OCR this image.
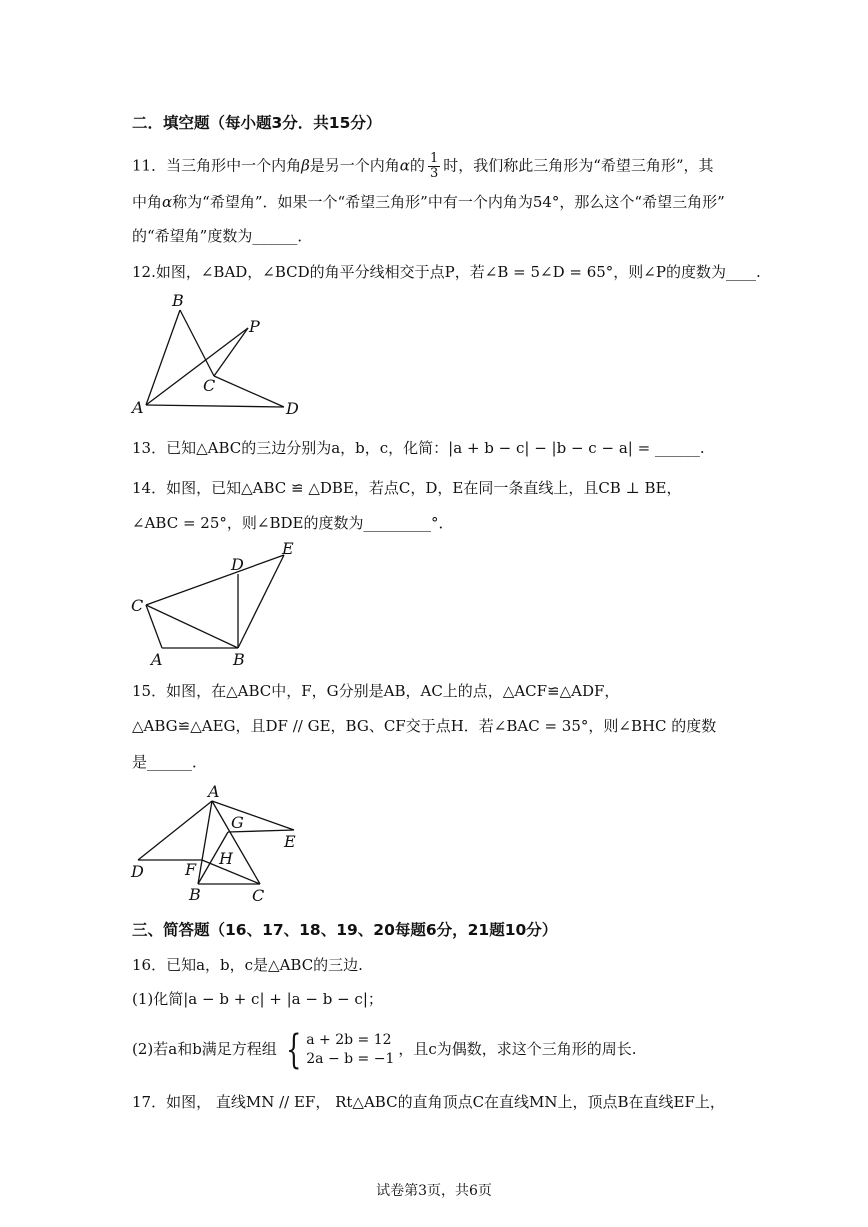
二．填空题（每小题3分．共15分）
11．当三角形中一个内角β是另一个内角α的 $\frac{1}{3}$ 时，我们称此三角形为“希望三角形”，其
中角α称为“希望角”．如果一个“希望三角形”中有一个内角为54°，那么这个“希望三角形”
的“希望角”度数为______．
12.如图，∠BAD，∠BCD的角平分线相交于点P，若∠B = 5∠D = 65°，则∠P的度数为____.
B
P
C
A	D
13．已知△ABC的三边分别为a，b，c，化简：|a + b − c| − |b − c − a| = ______.
14．如图，已知△ABC ≌ △DBE，若点C，D，E在同一条直线上，且CB ⊥ BE，
∠ABC = 25°，则∠BDE的度数为_________°．
D
E
C
A	B
15．如图，在△ABC中，F，G分别是AB，AC上的点，△ACF≌△ADF，
△ABG≌△AEG，且DF // GE，BG、CF交于点H．若∠BAC = 35°，则∠BHC 的度数
是______．
A
G
E
H
F
D
B	C
三、简答题（16、17、18、19、20每题6分，21题10分）
16．已知a，b，c是△ABC的三边.
(1)化简|a − b + c| + |a − b − c|；
(2)若a和b满足方程组 { a + 2b = 12
2a − b = −1
，且c为偶数，求这个三角形的周长.
17．如图， 直线MN // EF， Rt△ABC的直角顶点C在直线MN上，顶点B在直线EF上，
试卷第3页，共6页
